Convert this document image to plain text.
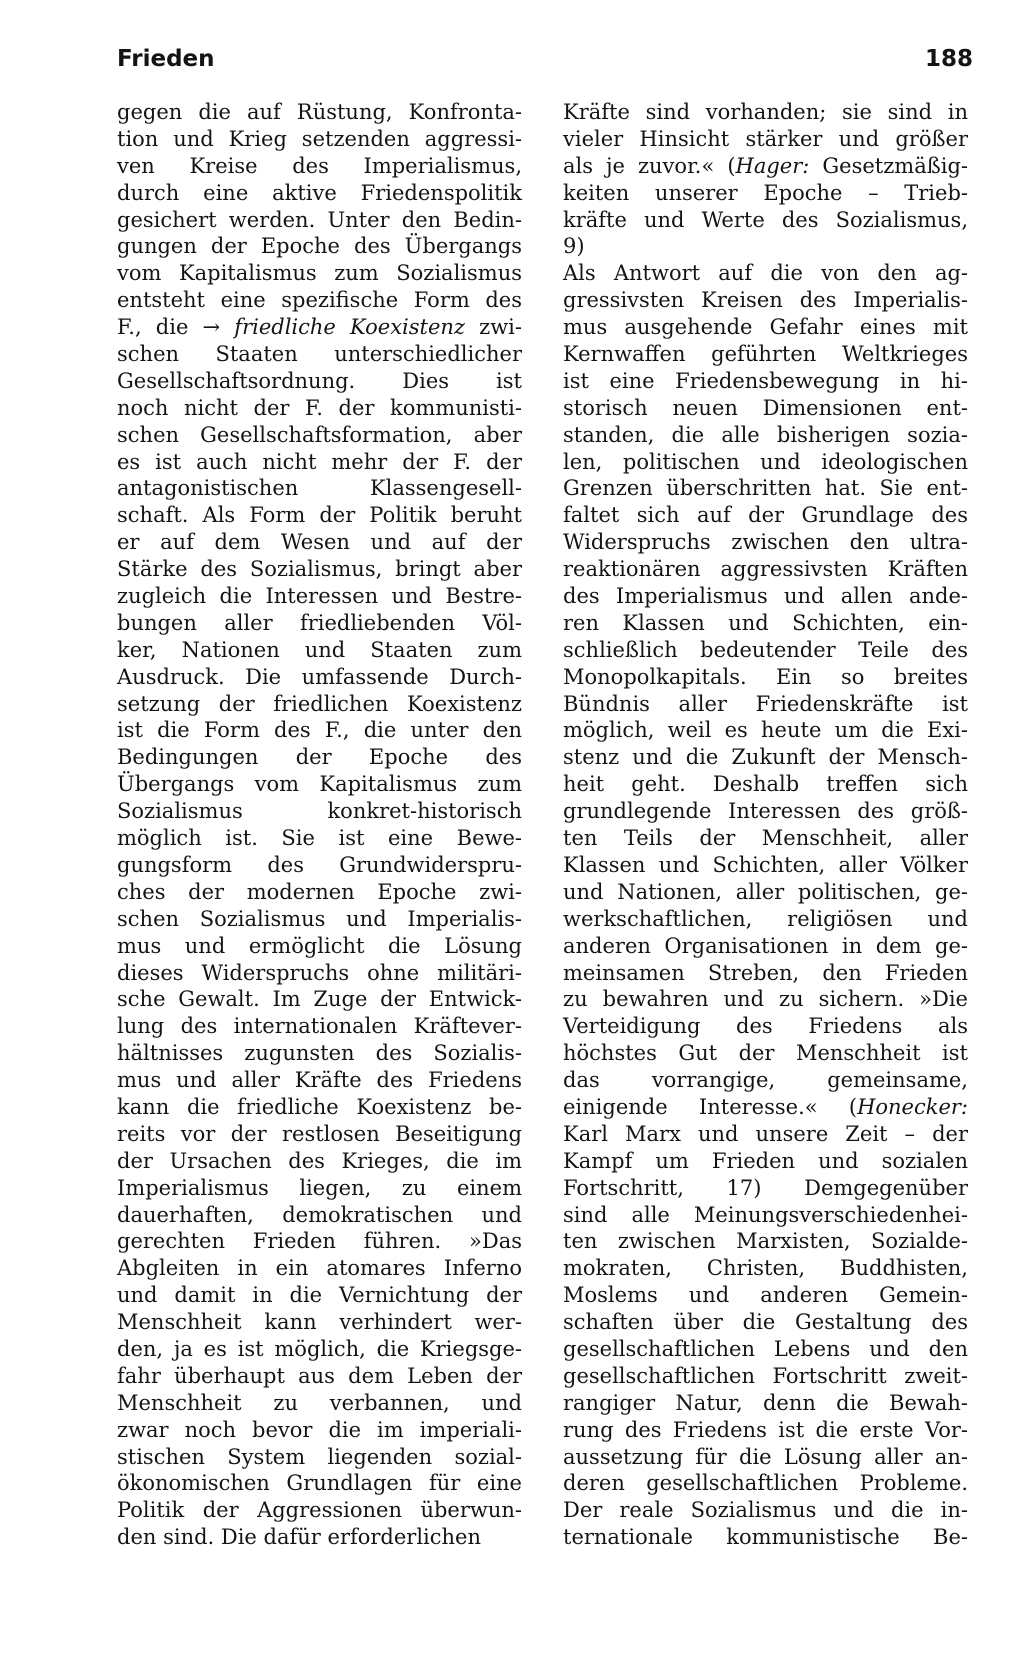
Frieden	188
gegen die auf Rüstung, Konfronta-
tion und Krieg setzenden aggressi-
ven Kreise des Imperialismus,
durch eine aktive Friedenspolitik
gesichert werden. Unter den Bedin-
gungen der Epoche des Übergangs
vom Kapitalismus zum Sozialismus
entsteht eine spezifische Form des
F., die → friedliche Koexistenz zwi-
schen Staaten unterschiedlicher
Gesellschaftsordnung. Dies ist
noch nicht der F. der kommunisti-
schen Gesellschaftsformation, aber
es ist auch nicht mehr der F. der
antagonistischen Klassengesell-
schaft. Als Form der Politik beruht
er auf dem Wesen und auf der
Stärke des Sozialismus, bringt aber
zugleich die Interessen und Bestre-
bungen aller friedliebenden Völ-
ker, Nationen und Staaten zum
Ausdruck. Die umfassende Durch-
setzung der friedlichen Koexistenz
ist die Form des F., die unter den
Bedingungen der Epoche des
Übergangs vom Kapitalismus zum
Sozialismus konkret-historisch
möglich ist. Sie ist eine Bewe-
gungsform des Grundwiderspru-
ches der modernen Epoche zwi-
schen Sozialismus und Imperialis-
mus und ermöglicht die Lösung
dieses Widerspruchs ohne militäri-
sche Gewalt. Im Zuge der Entwick-
lung des internationalen Kräftever-
hältnisses zugunsten des Sozialis-
mus und aller Kräfte des Friedens
kann die friedliche Koexistenz be-
reits vor der restlosen Beseitigung
der Ursachen des Krieges, die im
Imperialismus liegen, zu einem
dauerhaften, demokratischen und
gerechten Frieden führen. »Das
Abgleiten in ein atomares Inferno
und damit in die Vernichtung der
Menschheit kann verhindert wer-
den, ja es ist möglich, die Kriegsge-
fahr überhaupt aus dem Leben der
Menschheit zu verbannen, und
zwar noch bevor die im imperiali-
stischen System liegenden sozial-
ökonomischen Grundlagen für eine
Politik der Aggressionen überwun-
den sind. Die dafür erforderlichen
Kräfte sind vorhanden; sie sind in
vieler Hinsicht stärker und größer
als je zuvor.« (Hager: Gesetzmäßig-
keiten unserer Epoche – Trieb-
kräfte und Werte des Sozialismus,
9)
Als Antwort auf die von den ag-
gressivsten Kreisen des Imperialis-
mus ausgehende Gefahr eines mit
Kernwaffen geführten Weltkrieges
ist eine Friedensbewegung in hi-
storisch neuen Dimensionen ent-
standen, die alle bisherigen sozia-
len, politischen und ideologischen
Grenzen überschritten hat. Sie ent-
faltet sich auf der Grundlage des
Widerspruchs zwischen den ultra-
reaktionären aggressivsten Kräften
des Imperialismus und allen ande-
ren Klassen und Schichten, ein-
schließlich bedeutender Teile des
Monopolkapitals. Ein so breites
Bündnis aller Friedenskräfte ist
möglich, weil es heute um die Exi-
stenz und die Zukunft der Mensch-
heit geht. Deshalb treffen sich
grundlegende Interessen des größ-
ten Teils der Menschheit, aller
Klassen und Schichten, aller Völker
und Nationen, aller politischen, ge-
werkschaftlichen, religiösen und
anderen Organisationen in dem ge-
meinsamen Streben, den Frieden
zu bewahren und zu sichern. »Die
Verteidigung des Friedens als
höchstes Gut der Menschheit ist
das vorrangige, gemeinsame,
einigende Interesse.« (Honecker:
Karl Marx und unsere Zeit – der
Kampf um Frieden und sozialen
Fortschritt, 17) Demgegenüber
sind alle Meinungsverschiedenhei-
ten zwischen Marxisten, Sozialde-
mokraten, Christen, Buddhisten,
Moslems und anderen Gemein-
schaften über die Gestaltung des
gesellschaftlichen Lebens und den
gesellschaftlichen Fortschritt zweit-
rangiger Natur, denn die Bewah-
rung des Friedens ist die erste Vor-
aussetzung für die Lösung aller an-
deren gesellschaftlichen Probleme.
Der reale Sozialismus und die in-
ternationale kommunistische Be-
